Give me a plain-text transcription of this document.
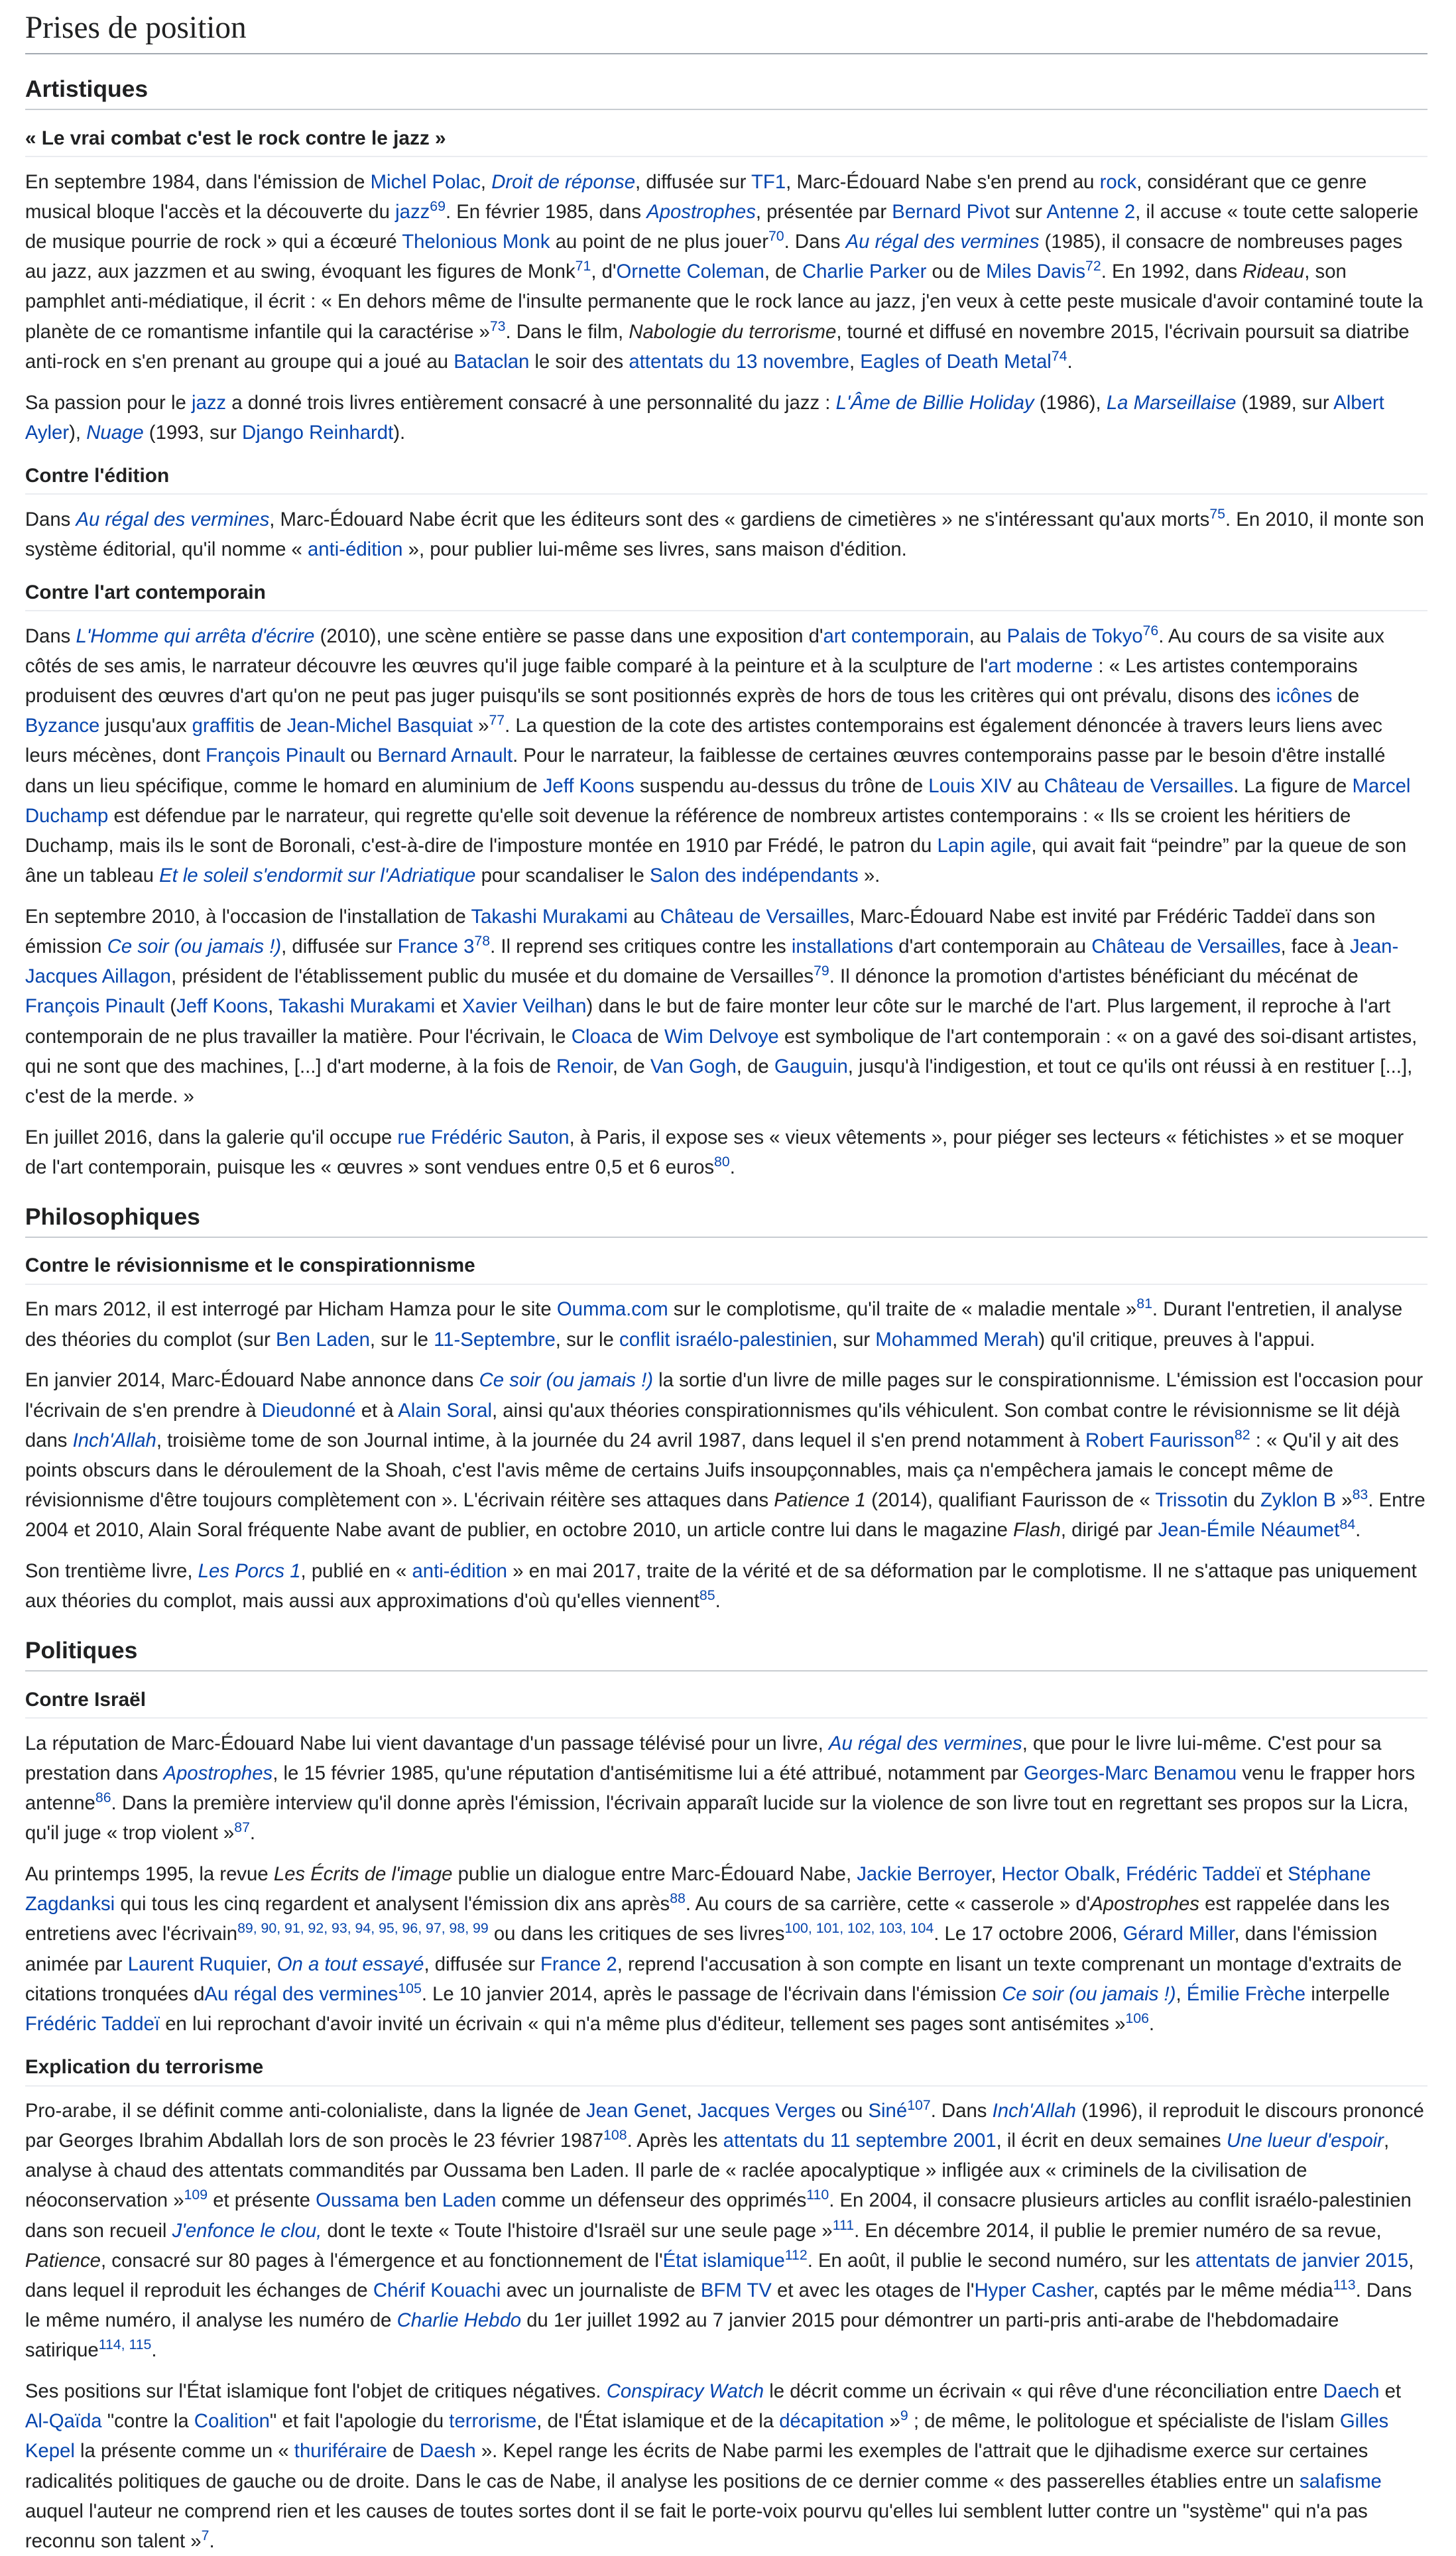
Prises de position
Artistiques
« Le vrai combat c'est le rock contre le jazz »

En septembre 1984, dans l'émission de Michel Polac, Droit de réponse, diffusée sur TF1, Marc-Édouard Nabe s'en prend au rock, considérant que ce genre musical bloque l'accès et la découverte du jazz$^{69}$. En février 1985, dans Apostrophes, présentée par Bernard Pivot sur Antenne 2, il accuse « toute cette saloperie de musique pourrie de rock » qui a écœuré Thelonious Monk au point de ne plus jouer$^{70}$. Dans Au régal des vermines (1985), il consacre de nombreuses pages au jazz, aux jazzmen et au swing, évoquant les figures de Monk$^{71}$, d'Ornette Coleman, de Charlie Parker ou de Miles Davis$^{72}$. En 1992, dans Rideau, son pamphlet anti-médiatique, il écrit : « En dehors même de l'insulte permanente que le rock lance au jazz, j'en veux à cette peste musicale d'avoir contaminé toute la planète de ce romantisme infantile qui la caractérise »$^{73}$. Dans le film, Nabologie du terrorisme, tourné et diffusé en novembre 2015, l'écrivain poursuit sa diatribe anti-rock en s'en prenant au groupe qui a joué au Bataclan le soir des attentats du 13 novembre, Eagles of Death Metal$^{74}$.

Sa passion pour le jazz a donné trois livres entièrement consacré à une personnalité du jazz : L'Âme de Billie Holiday (1986), La Marseillaise (1989, sur Albert Ayler), Nuage (1993, sur Django Reinhardt).

Contre l'édition

Dans Au régal des vermines, Marc-Édouard Nabe écrit que les éditeurs sont des « gardiens de cimetières » ne s'intéressant qu'aux morts$^{75}$. En 2010, il monte son système éditorial, qu'il nomme « anti-édition », pour publier lui-même ses livres, sans maison d'édition.

Contre l'art contemporain

Dans L'Homme qui arrêta d'écrire (2010), une scène entière se passe dans une exposition d'art contemporain, au Palais de Tokyo$^{76}$. Au cours de sa visite aux côtés de ses amis, le narrateur découvre les œuvres qu'il juge faible comparé à la peinture et à la sculpture de l'art moderne : « Les artistes contemporains produisent des œuvres d'art qu'on ne peut pas juger puisqu'ils se sont positionnés exprès de hors de tous les critères qui ont prévalu, disons des icônes de Byzance jusqu'aux graffitis de Jean-Michel Basquiat »$^{77}$. La question de la cote des artistes contemporains est également dénoncée à travers leurs liens avec leurs mécènes, dont François Pinault ou Bernard Arnault. Pour le narrateur, la faiblesse de certaines œuvres contemporains passe par le besoin d'être installé dans un lieu spécifique, comme le homard en aluminium de Jeff Koons suspendu au-dessus du trône de Louis XIV au Château de Versailles. La figure de Marcel Duchamp est défendue par le narrateur, qui regrette qu'elle soit devenue la référence de nombreux artistes contemporains : « Ils se croient les héritiers de Duchamp, mais ils le sont de Boronali, c'est-à-dire de l'imposture montée en 1910 par Frédé, le patron du Lapin agile, qui avait fait “peindre” par la queue de son âne un tableau Et le soleil s'endormit sur l'Adriatique pour scandaliser le Salon des indépendants ».

En septembre 2010, à l'occasion de l'installation de Takashi Murakami au Château de Versailles, Marc-Édouard Nabe est invité par Frédéric Taddeï dans son émission Ce soir (ou jamais !), diffusée sur France $3^{78}$. Il reprend ses critiques contre les installations d'art contemporain au Château de Versailles, face à Jean-Jacques Aillagon, président de l'établissement public du musée et du domaine de Versailles$^{79}$. Il dénonce la promotion d'artistes bénéficiant du mécénat de François Pinault (Jeff Koons, Takashi Murakami et Xavier Veilhan) dans le but de faire monter leur côte sur le marché de l'art. Plus largement, il reproche à l'art contemporain de ne plus travailler la matière. Pour l'écrivain, le Cloaca de Wim Delvoye est symbolique de l'art contemporain : « on a gavé des soi-disant artistes, qui ne sont que des machines, [...] d'art moderne, à la fois de Renoir, de Van Gogh, de Gauguin, jusqu'à l'indigestion, et tout ce qu'ils ont réussi à en restituer [...], c'est de la merde. »

En juillet 2016, dans la galerie qu'il occupe rue Frédéric Sauton, à Paris, il expose ses « vieux vêtements », pour piéger ses lecteurs « fétichistes » et se moquer de l'art contemporain, puisque les « œuvres » sont vendues entre 0,5 et 6 euros$^{80}$.

Philosophiques
Contre le révisionnisme et le conspirationnisme

En mars 2012, il est interrogé par Hicham Hamza pour le site Oumma.com sur le complotisme, qu'il traite de « maladie mentale »$^{81}$. Durant l'entretien, il analyse des théories du complot (sur Ben Laden, sur le 11-Septembre, sur le conflit israélo-palestinien, sur Mohammed Merah) qu'il critique, preuves à l'appui.

En janvier 2014, Marc-Édouard Nabe annonce dans Ce soir (ou jamais !) la sortie d'un livre de mille pages sur le conspirationnisme. L'émission est l'occasion pour l'écrivain de s'en prendre à Dieudonné et à Alain Soral, ainsi qu'aux théories conspirationnismes qu'ils véhiculent. Son combat contre le révisionnisme se lit déjà dans Inch'Allah, troisième tome de son Journal intime, à la journée du 24 avril 1987, dans lequel il s'en prend notamment à Robert Faurisson$^{82}$ : « Qu'il y ait des points obscurs dans le déroulement de la Shoah, c'est l'avis même de certains Juifs insoupçonnables, mais ça n'empêchera jamais le concept même de révisionnisme d'être toujours complètement con ». L'écrivain réitère ses attaques dans Patience 1 (2014), qualifiant Faurisson de « Trissotin du Zyklon B »$^{83}$. Entre 2004 et 2010, Alain Soral fréquente Nabe avant de publier, en octobre 2010, un article contre lui dans le magazine Flash, dirigé par Jean-Émile Néaumet$^{84}$.

Son trentième livre, Les Porcs 1, publié en « anti-édition » en mai 2017, traite de la vérité et de sa déformation par le complotisme. Il ne s'attaque pas uniquement aux théories du complot, mais aussi aux approximations d'où qu'elles viennent$^{85}$.

Politiques
Contre Israël

La réputation de Marc-Édouard Nabe lui vient davantage d'un passage télévisé pour un livre, Au régal des vermines, que pour le livre lui-même. C'est pour sa prestation dans Apostrophes, le 15 février 1985, qu'une réputation d'antisémitisme lui a été attribué, notamment par Georges-Marc Benamou venu le frapper hors antenne$^{86}$. Dans la première interview qu'il donne après l'émission, l'écrivain apparaît lucide sur la violence de son livre tout en regrettant ses propos sur la Licra, qu'il juge « trop violent »$^{87}$.

Au printemps 1995, la revue Les Écrits de l'image publie un dialogue entre Marc-Édouard Nabe, Jackie Berroyer, Hector Obalk, Frédéric Taddeï et Stéphane Zagdanksi qui tous les cinq regardent et analysent l'émission dix ans après$^{88}$. Au cours de sa carrière, cette « casserole » d'Apostrophes est rappelée dans les entretiens avec l'écrivain$^{89, 90, 91, 92, 93, 94, 95, 96, 97, 98, 99}$ ou dans les critiques de ses livres$^{100, 101, 102, 103, 104}$. Le 17 octobre 2006, Gérard Miller, dans l'émission animée par Laurent Ruquier, On a tout essayé, diffusée sur France 2, reprend l'accusation à son compte en lisant un texte comprenant un montage d'extraits de citations tronquées dAu régal des vermines$^{105}$. Le 10 janvier 2014, après le passage de l'écrivain dans l'émission Ce soir (ou jamais !), Émilie Frèche interpelle Frédéric Taddeï en lui reprochant d'avoir invité un écrivain « qui n'a même plus d'éditeur, tellement ses pages sont antisémites »$^{106}$.

Explication du terrorisme

Pro-arabe, il se définit comme anti-colonialiste, dans la lignée de Jean Genet, Jacques Verges ou Siné$^{107}$. Dans Inch'Allah (1996), il reproduit le discours prononcé par Georges Ibrahim Abdallah lors de son procès le 23 février 1987$^{108}$. Après les attentats du 11 septembre 2001, il écrit en deux semaines Une lueur d'espoir, analyse à chaud des attentats commandités par Oussama ben Laden. Il parle de « raclée apocalyptique » infligée aux « criminels de la civilisation de néoconservation »$^{109}$ et présente Oussama ben Laden comme un défenseur des opprimés$^{110}$. En 2004, il consacre plusieurs articles au conflit israélo-palestinien dans son recueil J'enfonce le clou, dont le texte « Toute l'histoire d'Israël sur une seule page »$^{111}$. En décembre 2014, il publie le premier numéro de sa revue, Patience, consacré sur 80 pages à l'émergence et au fonctionnement de l'État islamique$^{112}$. En août, il publie le second numéro, sur les attentats de janvier 2015, dans lequel il reproduit les échanges de Chérif Kouachi avec un journaliste de BFM TV et avec les otages de l'Hyper Casher, captés par le même média$^{113}$. Dans le même numéro, il analyse les numéro de Charlie Hebdo du 1er juillet 1992 au 7 janvier 2015 pour démontrer un parti-pris anti-arabe de l'hebdomadaire satirique$^{114, 115}$.

Ses positions sur l'État islamique font l'objet de critiques négatives. Conspiracy Watch le décrit comme un écrivain « qui rêve d'une réconciliation entre Daech et Al-Qaïda "contre la Coalition" et fait l'apologie du terrorisme, de l'État islamique et de la décapitation »$^9$ ; de même, le politologue et spécialiste de l'islam Gilles Kepel la présente comme un « thuriféraire de Daesh ». Kepel range les écrits de Nabe parmi les exemples de l'attrait que le djihadisme exerce sur certaines radicalités politiques de gauche ou de droite. Dans le cas de Nabe, il analyse les positions de ce dernier comme « des passerelles établies entre un salafisme auquel l'auteur ne comprend rien et les causes de toutes sortes dont il se fait le porte-voix pourvu qu'elles lui semblent lutter contre un "système" qui n'a pas reconnu son talent »$^7$.
